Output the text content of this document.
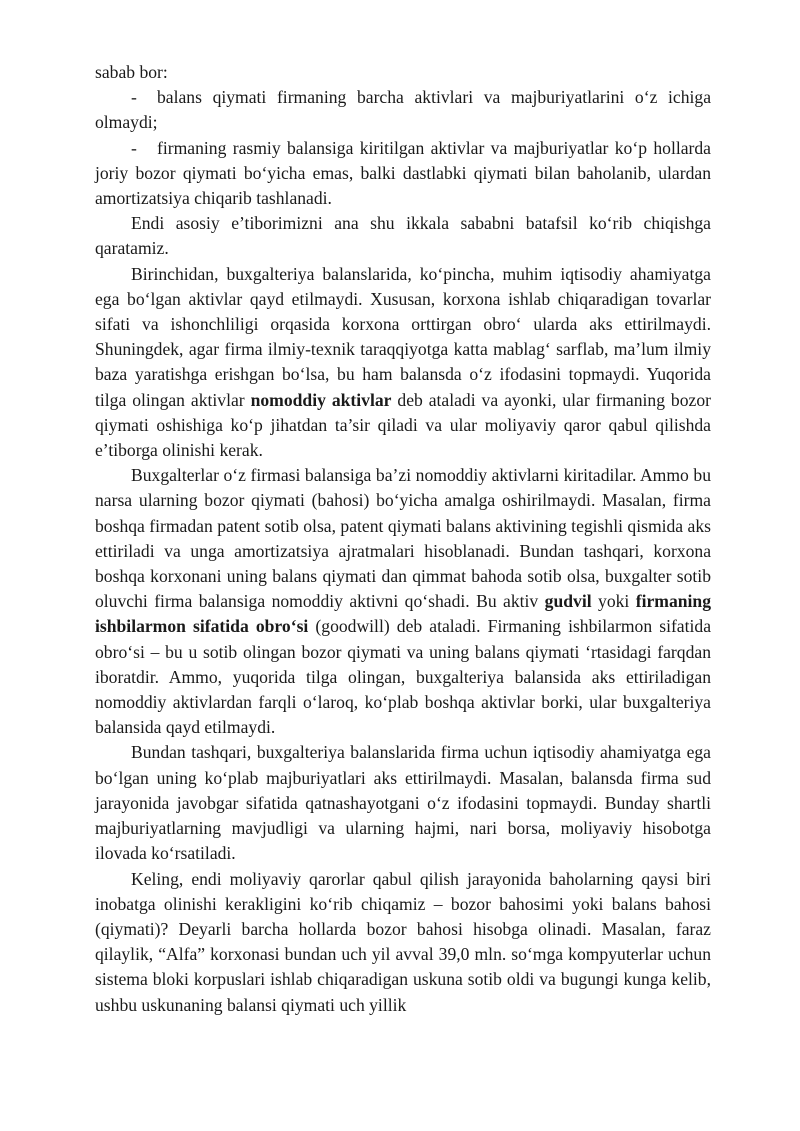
sabab bor:

- balans qiymati firmaning barcha aktivlari va majburiyatlarini o‘z ichiga olmaydi;

- firmaning rasmiy balansiga kiritilgan aktivlar va majburiyatlar ko‘p hollarda joriy bozor qiymati bo‘yicha emas, balki dastlabki qiymati bilan baholanib, ulardan amortizatsiya chiqarib tashlanadi.

Endi asosiy e’tiborimizni ana shu ikkala sababni batafsil ko‘rib chiqishga qaratamiz.

Birinchidan, buxgalteriya balanslarida, ko‘pincha, muhim iqtisodiy ahamiyatga ega bo‘lgan aktivlar qayd etilmaydi. Xususan, korxona ishlab chiqaradigan tovarlar sifati va ishonchliligi orqasida korxona orttirgan obro‘ ularda aks ettirilmaydi. Shuningdek, agar firma ilmiy-texnik taraqqiyotga katta mablag‘ sarflab, ma’lum ilmiy baza yaratishga erishgan bo‘lsa, bu ham balansda o‘z ifodasini topmaydi. Yuqorida tilga olingan aktivlar nomoddiy aktivlar deb ataladi va ayonki, ular firmaning bozor qiymati oshishiga ko‘p jihatdan ta’sir qiladi va ular moliyaviy qaror qabul qilishda e’tiborga olinishi kerak.

Buxgalterlar o‘z firmasi balansiga ba’zi nomoddiy aktivlarni kiritadilar. Ammo bu narsa ularning bozor qiymati (bahosi) bo‘yicha amalga oshirilmaydi. Masalan, firma boshqa firmadan patent sotib olsa, patent qiymati balans aktivining tegishli qismida aks ettiriladi va unga amortizatsiya ajratmalari hisoblanadi. Bundan tashqari, korxona boshqa korxonani uning balans qiymati dan qimmat bahoda sotib olsa, buxgalter sotib oluvchi firma balansiga nomoddiy aktivni qo‘shadi. Bu aktiv gudvil yoki firmaning ishbilarmon sifatida obro‘si (goodwill) deb ataladi. Firmaning ishbilarmon sifatida obro‘si – bu u sotib olingan bozor qiymati va uning balans qiymati ‘rtasidagi farqdan iboratdir. Ammo, yuqorida tilga olingan, buxgalteriya balansida aks ettiriladigan nomoddiy aktivlardan farqli o‘laroq, ko‘plab boshqa aktivlar borki, ular buxgalteriya balansida qayd etilmaydi.

Bundan tashqari, buxgalteriya balanslarida firma uchun iqtisodiy ahamiyatga ega bo‘lgan uning ko‘plab majburiyatlari aks ettirilmaydi. Masalan, balansda firma sud jarayonida javobgar sifatida qatnashayotgani o‘z ifodasini topmaydi. Bunday shartli majburiyatlarning mavjudligi va ularning hajmi, nari borsa, moliyaviy hisobotga ilovada ko‘rsatiladi.

Keling, endi moliyaviy qarorlar qabul qilish jarayonida baholarning qaysi biri inobatga olinishi kerakligini ko‘rib chiqamiz – bozor bahosimi yoki balans bahosi (qiymati)? Deyarli barcha hollarda bozor bahosi hisobga olinadi. Masalan, faraz qilaylik, “Alfa” korxonasi bundan uch yil avval 39,0 mln. so‘mga kompyuterlar uchun sistema bloki korpuslari ishlab chiqaradigan uskuna sotib oldi va bugungi kunga kelib, ushbu uskunaning balansi qiymati uch yillik
